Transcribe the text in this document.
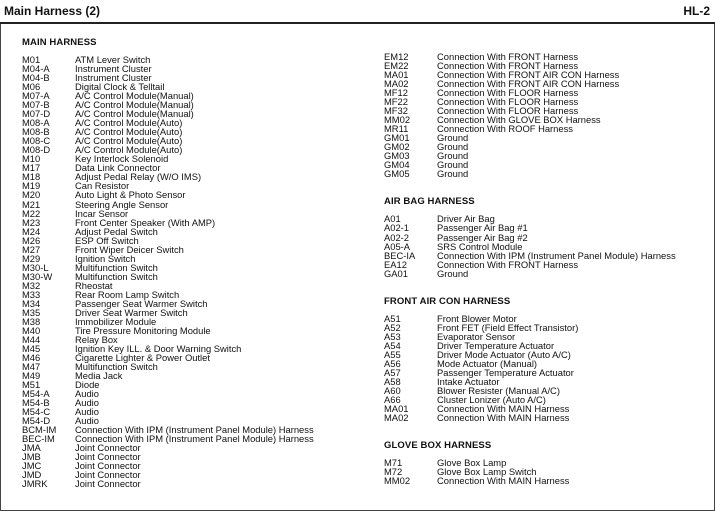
Main Harness (2)	HL-2
MAIN HARNESS
M01	ATM Lever Switch
M04-A	Instrument Cluster
M04-B	Instrument Cluster
M06	Digital Clock & Telltail
M07-A	A/C Control Module(Manual)
M07-B	A/C Control Module(Manual)
M07-D	A/C Control Module(Manual)
M08-A	A/C Control Module(Auto)
M08-B	A/C Control Module(Auto)
M08-C	A/C Control Module(Auto)
M08-D	A/C Control Module(Auto)
M10	Key Interlock Solenoid
M17	Data Link Connector
M18	Adjust Pedal Relay (W/O IMS)
M19	Can Resistor
M20	Auto Light & Photo Sensor
M21	Steering Angle Sensor
M22	Incar Sensor
M23	Front Center Speaker (With AMP)
M24	Adjust Pedal Switch
M26	ESP Off Switch
M27	Front Wiper Deicer Switch
M29	Ignition Switch
M30-L	Multifunction Switch
M30-W	Multifunction Switch
M32	Rheostat
M33	Rear Room Lamp Switch
M34	Passenger Seat Warmer Switch
M35	Driver Seat Warmer Switch
M38	Immobilizer Module
M40	Tire Pressure Monitoring Module
M44	Relay Box
M45	Ignition Key ILL. & Door Warning Switch
M46	Cigarette Lighter & Power Outlet
M47	Multifunction Switch
M49	Media Jack
M51	Diode
M54-A	Audio
M54-B	Audio
M54-C	Audio
M54-D	Audio
BCM-IM	Connection With IPM (Instrument Panel Module) Harness
BEC-IM	Connection With IPM (Instrument Panel Module) Harness
JMA	Joint Connector
JMB	Joint Connector
JMC	Joint Connector
JMD	Joint Connector
JMRK	Joint Connector
EM12	Connection With FRONT Harness
EM22	Connection With FRONT Harness
MA01	Connection With FRONT AIR CON Harness
MA02	Connection With FRONT AIR CON Harness
MF12	Connection With FLOOR Harness
MF22	Connection With FLOOR Harness
MF32	Connection With FLOOR Harness
MM02	Connection With GLOVE BOX Harness
MR11	Connection With ROOF Harness
GM01	Ground
GM02	Ground
GM03	Ground
GM04	Ground
GM05	Ground
AIR BAG HARNESS
A01	Driver Air Bag
A02-1	Passenger Air Bag #1
A02-2	Passenger Air Bag #2
A05-A	SRS Control Module
BEC-IA	Connection With IPM (Instrument Panel Module) Harness
EA12	Connection With FRONT Harness
GA01	Ground
FRONT AIR CON HARNESS
A51	Front Blower Motor
A52	Front FET (Field Effect Transistor)
A53	Evaporator Sensor
A54	Driver Temperature Actuator
A55	Driver Mode Actuator (Auto A/C)
A56	Mode Actuator (Manual)
A57	Passenger Temperature Actuator
A58	Intake Actuator
A60	Blower Resister (Manual A/C)
A66	Cluster Lonizer (Auto A/C)
MA01	Connection With MAIN Harness
MA02	Connection With MAIN Harness
GLOVE BOX HARNESS
M71	Glove Box Lamp
M72	Glove Box Lamp Switch
MM02	Connection With MAIN Harness
